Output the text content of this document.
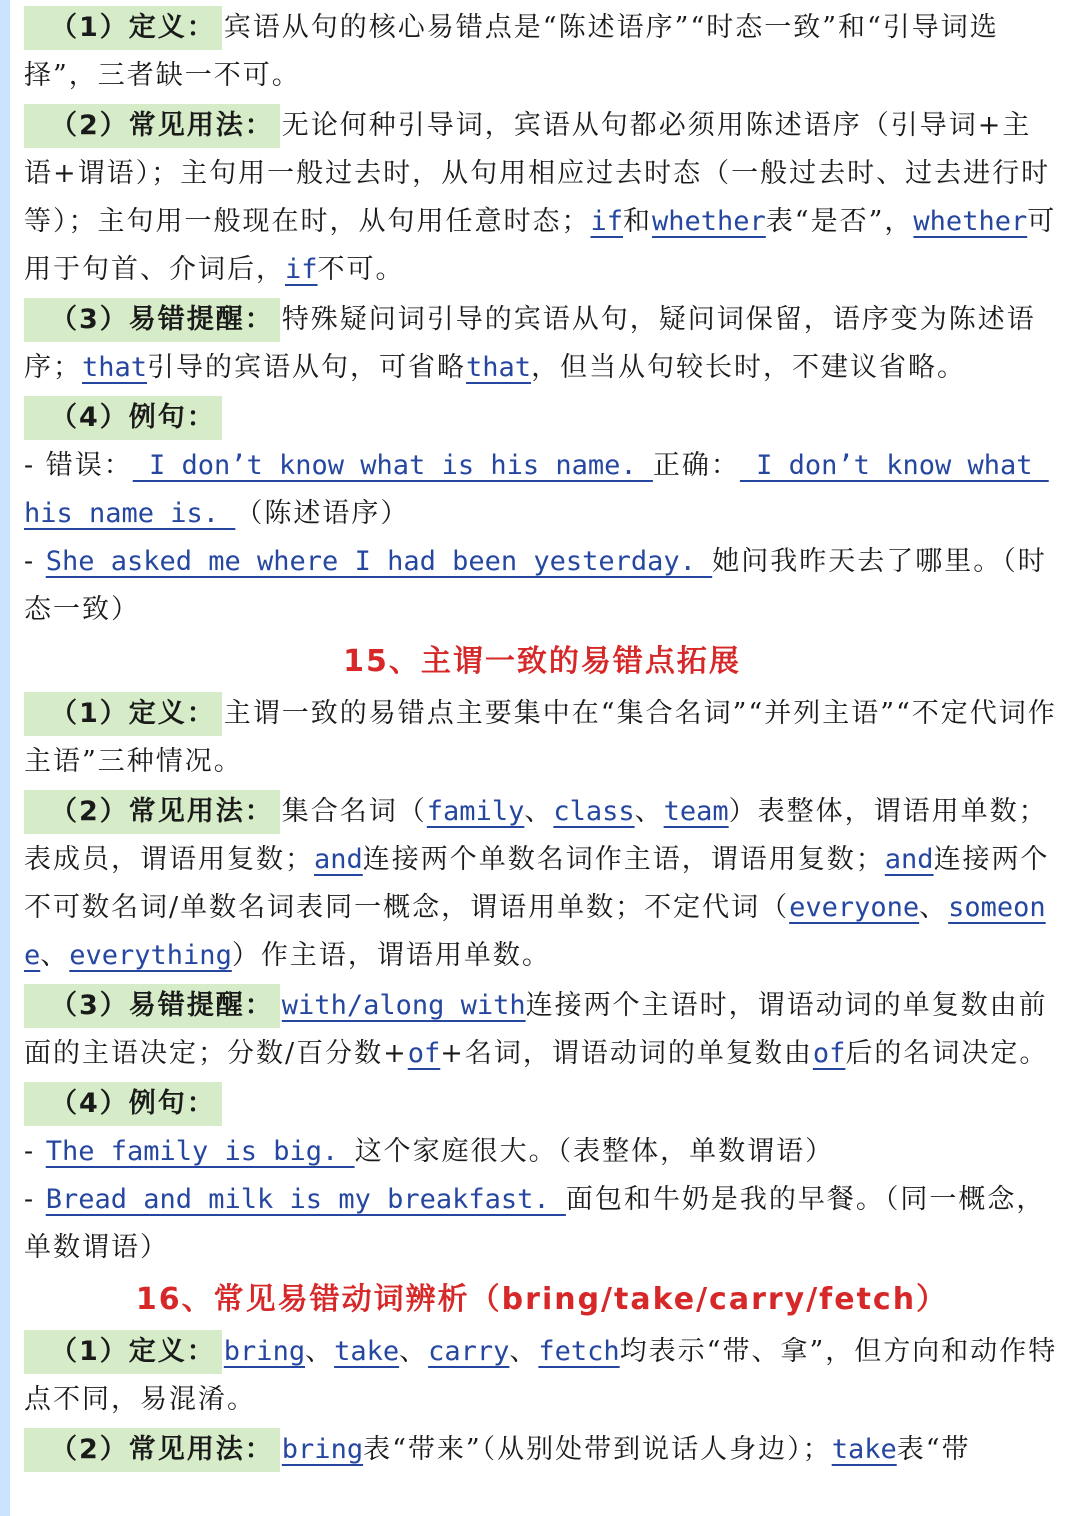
（1）定义： 宾语从句的核心易错点是“陈述语序”“时态一致”和“引导词选择”，三者缺一不可。

（2）常见用法： 无论何种引导词，宾语从句都必须用陈述语序（引导词+主语+谓语）；主句用一般过去时，从句用相应过去时态（一般过去时、过去进行时等）；主句用一般现在时，从句用任意时态；if和whether表“是否”，whether可用于句首、介词后，if不可。

（3）易错提醒： 特殊疑问词引导的宾语从句，疑问词保留，语序变为陈述语序；that引导的宾语从句，可省略that，但当从句较长时，不建议省略。

（4）例句：

- 错误： I don’t know what is his name. 正确： I don’t know what his name is. （陈述语序）

- She asked me where I had been yesterday. 她问我昨天去了哪里。（时态一致）

15、主谓一致的易错点拓展

（1）定义： 主谓一致的易错点主要集中在“集合名词”“并列主语”“不定代词作主语”三种情况。

（2）常见用法： 集合名词（family、class、team）表整体，谓语用单数；表成员，谓语用复数；and连接两个单数名词作主语，谓语用复数；and连接两个不可数名词/单数名词表同一概念，谓语用单数；不定代词（everyone、someone、everything）作主语，谓语用单数。

（3）易错提醒： with/along with连接两个主语时，谓语动词的单复数由前面的主语决定；分数/百分数+of+名词，谓语动词的单复数由of后的名词决定。

（4）例句：

- The family is big. 这个家庭很大。（表整体，单数谓语）

- Bread and milk is my breakfast. 面包和牛奶是我的早餐。（同一概念，单数谓语）

16、常见易错动词辨析（bring/take/carry/fetch）

（1）定义： bring、take、carry、fetch均表示“带、拿”，但方向和动作特点不同，易混淆。

（2）常见用法： bring表“带来”（从别处带到说话人身边）；take表“带
